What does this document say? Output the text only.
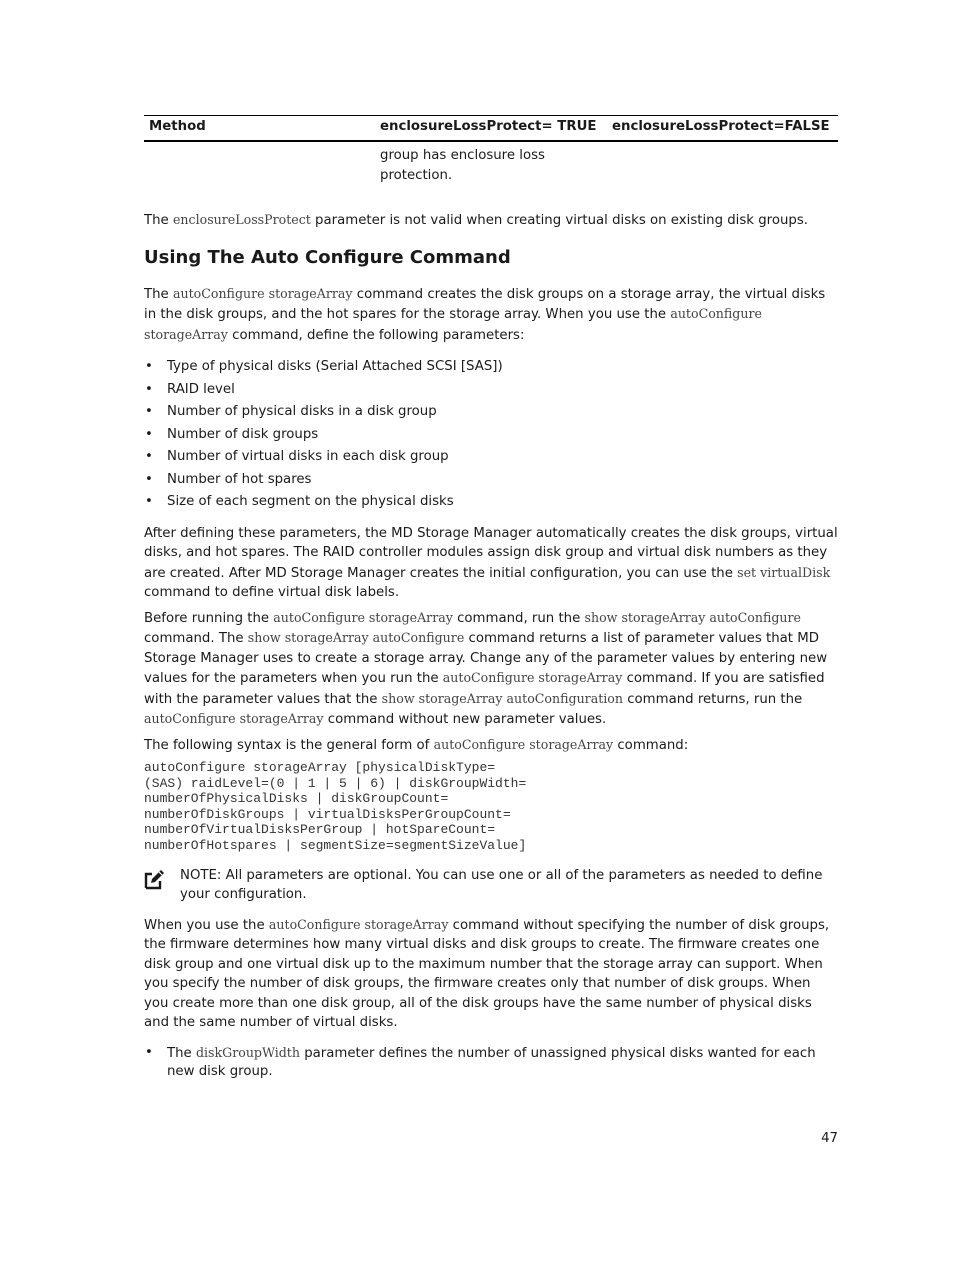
Method	enclosureLossProtect= TRUE	enclosureLossProtect=FALSE
	group has enclosure loss protection.	

The enclosureLossProtect parameter is not valid when creating virtual disks on existing disk groups.

Using The Auto Configure Command

The autoConfigure storageArray command creates the disk groups on a storage array, the virtual disks in the disk groups, and the hot spares for the storage array. When you use the autoConfigure storageArray command, define the following parameters:

• Type of physical disks (Serial Attached SCSI [SAS])
• RAID level
• Number of physical disks in a disk group
• Number of disk groups
• Number of virtual disks in each disk group
• Number of hot spares
• Size of each segment on the physical disks

After defining these parameters, the MD Storage Manager automatically creates the disk groups, virtual disks, and hot spares. The RAID controller modules assign disk group and virtual disk numbers as they are created. After MD Storage Manager creates the initial configuration, you can use the set virtualDisk command to define virtual disk labels.

Before running the autoConfigure storageArray command, run the show storageArray autoConfigure command. The show storageArray autoConfigure command returns a list of parameter values that MD Storage Manager uses to create a storage array. Change any of the parameter values by entering new values for the parameters when you run the autoConfigure storageArray command. If you are satisfied with the parameter values that the show storageArray autoConfiguration command returns, run the autoConfigure storageArray command without new parameter values.

The following syntax is the general form of autoConfigure storageArray command:

autoConfigure storageArray [physicalDiskType=
(SAS) raidLevel=(0 | 1 | 5 | 6) | diskGroupWidth=
numberOfPhysicalDisks | diskGroupCount=
numberOfDiskGroups | virtualDisksPerGroupCount=
numberOfVirtualDisksPerGroup | hotSpareCount=
numberOfHotspares | segmentSize=segmentSizeValue]

NOTE: All parameters are optional. You can use one or all of the parameters as needed to define your configuration.

When you use the autoConfigure storageArray command without specifying the number of disk groups, the firmware determines how many virtual disks and disk groups to create. The firmware creates one disk group and one virtual disk up to the maximum number that the storage array can support. When you specify the number of disk groups, the firmware creates only that number of disk groups. When you create more than one disk group, all of the disk groups have the same number of physical disks and the same number of virtual disks.

• The diskGroupWidth parameter defines the number of unassigned physical disks wanted for each new disk group.
47
